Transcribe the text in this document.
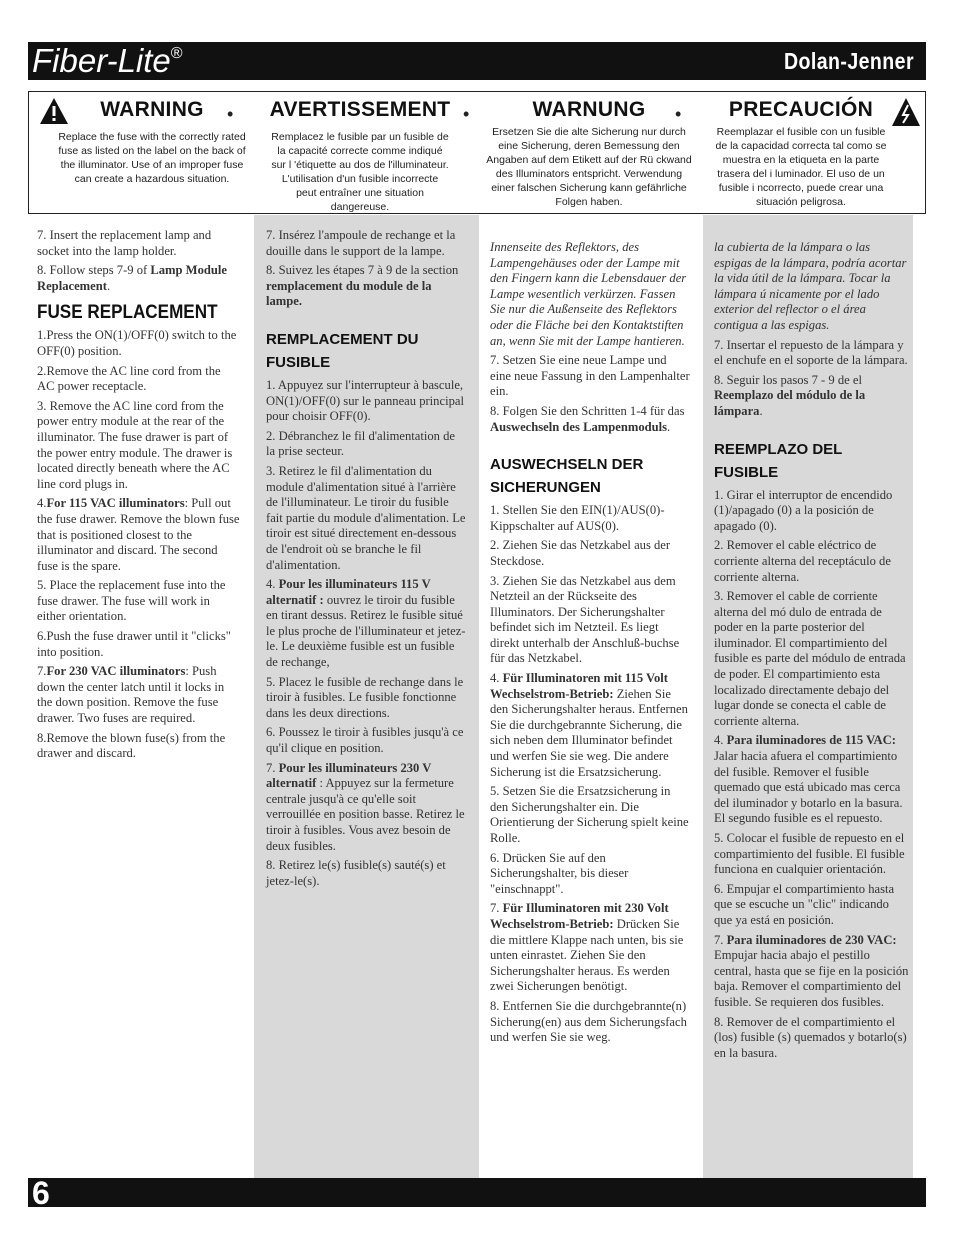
Fiber-Lite®	Dolan-Jenner
WARNING
Replace the fuse with the correctly rated fuse as listed on the label on the back of the illuminator. Use of an improper fuse can create a hazardous situation.
•	AVERTISSEMENT
Remplacez le fusible par un fusible de la capacité correcte comme indiqué sur l 'étiquette au dos de l'illuminateur. L'utilisation d'un fusible incorrecte peut entraîner une situation dangereuse.
•	WARNUNG
Ersetzen Sie die alte Sicherung nur durch eine Sicherung, deren Bemessung den Angaben auf dem Etikett auf der Rü ckwand des Illuminators entspricht. Verwendung einer falschen Sicherung kann gefährliche Folgen haben.
•	PRECAUCIÓN
Reemplazar el fusible con un fusible de la capacidad correcta tal como se muestra en la etiqueta en la parte trasera del i luminador. El uso de un fusible i ncorrecto, puede crear una situación peligrosa.

7. Insert the replacement lamp and socket into the lamp holder.

8. Follow steps 7-9 of Lamp Module Replacement.

FUSE REPLACEMENT

1.Press the ON(1)/OFF(0) switch to the OFF(0) position.

2.Remove the AC line cord from the AC power receptacle.

3. Remove the AC line cord from the power entry module at the rear of the illuminator. The fuse drawer is part of the power entry module. The drawer is located directly beneath where the AC line cord plugs in.

4.For 115 VAC illuminators: Pull out the fuse drawer. Remove the blown fuse that is positioned closest to the illuminator and discard. The second fuse is the spare.

5. Place the replacement fuse into the fuse drawer. The fuse will work in either orientation.

6.Push the fuse drawer until it "clicks" into position.

7.For 230 VAC illuminators: Push down the center latch until it locks in the down position. Remove the fuse drawer. Two fuses are required.

8.Remove the blown fuse(s) from the drawer and discard.

7. Insérez l'ampoule de rechange et la douille dans le support de la lampe.

8. Suivez les étapes 7 à 9 de la section remplacement du module de la lampe.

REMPLACEMENT DU FUSIBLE

1. Appuyez sur l'interrupteur à bascule, ON(1)/OFF(0) sur le panneau principal pour choisir OFF(0).

2. Débranchez le fil d'alimentation de la prise secteur.

3. Retirez le fil d'alimentation du module d'alimentation situé à l'arrière de l'illuminateur. Le tiroir du fusible fait partie du module d'alimentation. Le tiroir est situé directement en-dessous de l'endroit où se branche le fil d'alimentation.

4. Pour les illuminateurs 115 V alternatif : ouvrez le tiroir du fusible en tirant dessus. Retirez le fusible situé le plus proche de l'illuminateur et jetez-le. Le deuxième fusible est un fusible de rechange,

5. Placez le fusible de rechange dans le tiroir à fusibles. Le fusible fonctionne dans les deux directions.

6. Poussez le tiroir à fusibles jusqu'à ce qu'il clique en position.

7. Pour les illuminateurs 230 V alternatif : Appuyez sur la fermeture centrale jusqu'à ce qu'elle soit verrouillée en position basse. Retirez le tiroir à fusibles. Vous avez besoin de deux fusibles.

8. Retirez le(s) fusible(s) sauté(s) et jetez-le(s).

Innenseite des Reflektors, des Lampengehäuses oder der Lampe mit den Fingern kann die Lebensdauer der Lampe wesentlich verkürzen. Fassen Sie nur die Außenseite des Reflektors oder die Fläche bei den Kontaktstiften an, wenn Sie mit der Lampe hantieren.

7. Setzen Sie eine neue Lampe und eine neue Fassung in den Lampenhalter ein.

8. Folgen Sie den Schritten 1-4 für das Auswechseln des Lampenmoduls.

AUSWECHSELN DER SICHERUNGEN

1. Stellen Sie den EIN(1)/AUS(0)-Kippschalter auf AUS(0).

2. Ziehen Sie das Netzkabel aus der Steckdose.

3. Ziehen Sie das Netzkabel aus dem Netzteil an der Rückseite des Illuminators. Der Sicherungshalter befindet sich im Netzteil. Es liegt direkt unterhalb der Anschluß-buchse für das Netzkabel.

4. Für Illuminatoren mit 115 Volt Wechselstrom-Betrieb: Ziehen Sie den Sicherungshalter heraus. Entfernen Sie die durchgebrannte Sicherung, die sich neben dem Illuminator befindet und werfen Sie sie weg. Die andere Sicherung ist die Ersatzsicherung.

5. Setzen Sie die Ersatzsicherung in den Sicherungshalter ein. Die Orientierung der Sicherung spielt keine Rolle.

6. Drücken Sie auf den Sicherungshalter, bis dieser "einschnappt".

7. Für Illuminatoren mit 230 Volt Wechselstrom-Betrieb: Drücken Sie die mittlere Klappe nach unten, bis sie unten einrastet. Ziehen Sie den Sicherungshalter heraus. Es werden zwei Sicherungen benötigt.

8. Entfernen Sie die durchgebrannte(n) Sicherung(en) aus dem Sicherungsfach und werfen Sie sie weg.

la cubierta de la lámpara o las espigas de la lámpara, podría acortar la vida útil de la lámpara. Tocar la lámpara ú nicamente por el lado exterior del reflector o el área contigua a las espigas.

7. Insertar el repuesto de la lámpara y el enchufe en el soporte de la lámpara.

8. Seguir los pasos 7 - 9 de el Reemplazo del módulo de la lámpara.

REEMPLAZO DEL FUSIBLE

1. Girar el interruptor de encendido (1)/apagado (0) a la posición de apagado (0).

2. Remover el cable eléctrico de corriente alterna del receptáculo de corriente alterna.

3. Remover el cable de corriente alterna del mó dulo de entrada de poder en la parte posterior del iluminador. El compartimiento del fusible es parte del módulo de entrada de poder. El compartimiento esta localizado directamente debajo del lugar donde se conecta el cable de corriente alterna.

4. Para iluminadores de 115 VAC: Jalar hacia afuera el compartimiento del fusible. Remover el fusible quemado que está ubicado mas cerca del iluminador y botarlo en la basura. El segundo fusible es el repuesto.

5. Colocar el fusible de repuesto en el compartimiento del fusible. El fusible funciona en cualquier orientación.

6. Empujar el compartimiento hasta que se escuche un "clic" indicando que ya está en posición.

7. Para iluminadores de 230 VAC: Empujar hacia abajo el pestillo central, hasta que se fije en la posición baja. Remover el compartimiento del fusible. Se requieren dos fusibles.

8. Remover de el compartimiento el (los) fusible (s) quemados y botarlo(s) en la basura.

6
